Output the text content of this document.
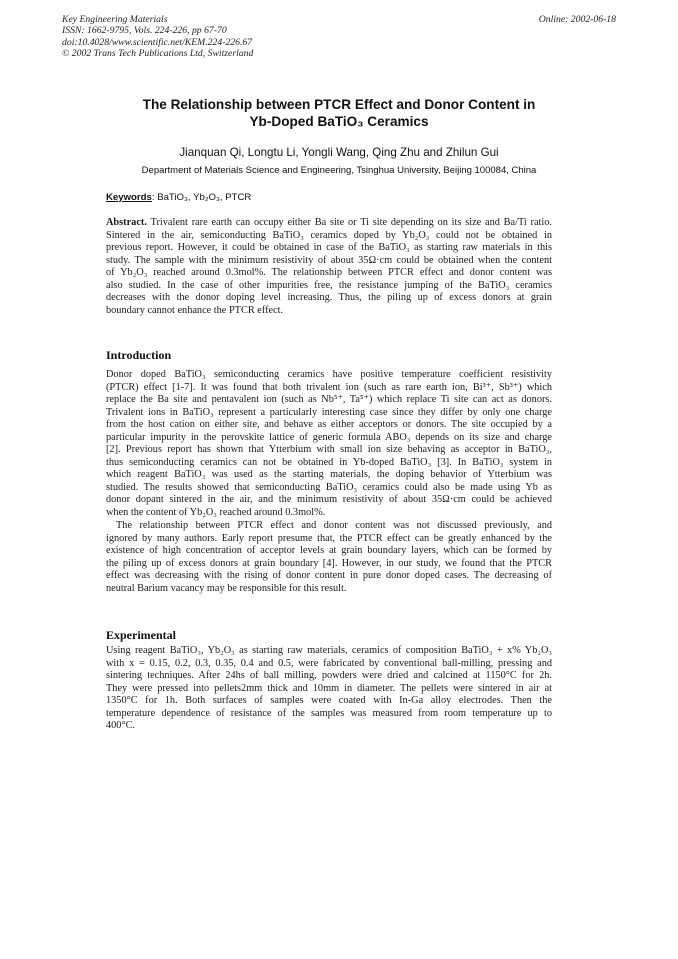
Key Engineering Materials
ISSN: 1662-9795, Vols. 224-226, pp 67-70
doi:10.4028/www.scientific.net/KEM.224-226.67
© 2002 Trans Tech Publications Ltd, Switzerland
Online: 2002-06-18
The Relationship between PTCR Effect and Donor Content in
Yb-Doped BaTiO₃ Ceramics
Jianquan Qi, Longtu Li, Yongli Wang, Qing Zhu and Zhilun Gui
Department of Materials Science and Engineering, Tsinghua University, Beijing 100084, China
Keywords: BaTiO₃, Yb₂O₃, PTCR
Abstract. Trivalent rare earth can occupy either Ba site or Ti site depending on its size and Ba/Ti ratio.
Sintered in the air, semiconducting BaTiO₃ ceramics doped by Yb₂O₃ could not be obtained in
previous report. However, it could be obtained in case of the BaTiO₃ as starting raw materials in this
study. The sample with the minimum resistivity of about 35Ω·cm could be obtained when the content
of Yb₂O₃ reached around 0.3mol%. The relationship between PTCR effect and donor content was
also studied. In the case of other impurities free, the resistance jumping of the BaTiO₃ ceramics
decreases with the donor doping level increasing. Thus, the piling up of excess donors at grain
boundary cannot enhance the PTCR effect.
Introduction
Donor doped BaTiO₃ semiconducting ceramics have positive temperature coefficient resistivity
(PTCR) effect [1-7]. It was found that both trivalent ion (such as rare earth ion, Bi³⁺, Sb³⁺) which
replace the Ba site and pentavalent ion (such as Nb⁵⁺, Ta⁵⁺) which replace Ti site can act as donors.
Trivalent ions in BaTiO₃ represent a particularly interesting case since they differ by only one charge
from the host cation on either site, and behave as either acceptors or donors. The site occupied by a
particular impurity in the perovskite lattice of generic formula ABO₃ depends on its size and charge
[2]. Previous report has shown that Ytterbium with small ion size behaving as acceptor in BaTiO₃,
thus semiconducting ceramics can not be obtained in Yb-doped BaTiO₃ [3]. In BaTiO₃ system in
which reagent BaTiO₃ was used as the starting materials, the doping behavior of Ytterbium was
studied. The results showed that semiconducting BaTiO₃ ceramics could also be made using Yb as
donor dopant sintered in the air, and the minimum resistivity of about 35Ω·cm could be achieved
when the content of Yb₂O₃ reached around 0.3mol%.
The relationship between PTCR effect and donor content was not discussed previously, and
ignored by many authors. Early report presume that, the PTCR effect can be greatly enhanced by the
existence of high concentration of acceptor levels at grain boundary layers, which can be formed by
the piling up of excess donors at grain boundary [4]. However, in our study, we found that the PTCR
effect was decreasing with the rising of donor content in pure donor doped cases. The decreasing of
neutral Barium vacancy may be responsible for this result.
Experimental
Using reagent BaTiO₃, Yb₂O₃ as starting raw materials, ceramics of composition BaTiO₃ + x% Yb₂O₃
with x = 0.15, 0.2, 0.3, 0.35, 0.4 and 0.5, were fabricated by conventional ball-milling, pressing and
sintering techniques. After 24hs of ball milling, powders were dried and calcined at 1150°C for 2h.
They were pressed into pellets2mm thick and 10mm in diameter. The pellets were sintered in air at
1350°C for 1h. Both surfaces of samples were coated with In-Ga alloy electrodes. Then the
temperature dependence of resistance of the samples was measured from room temperature up to
400°C.
